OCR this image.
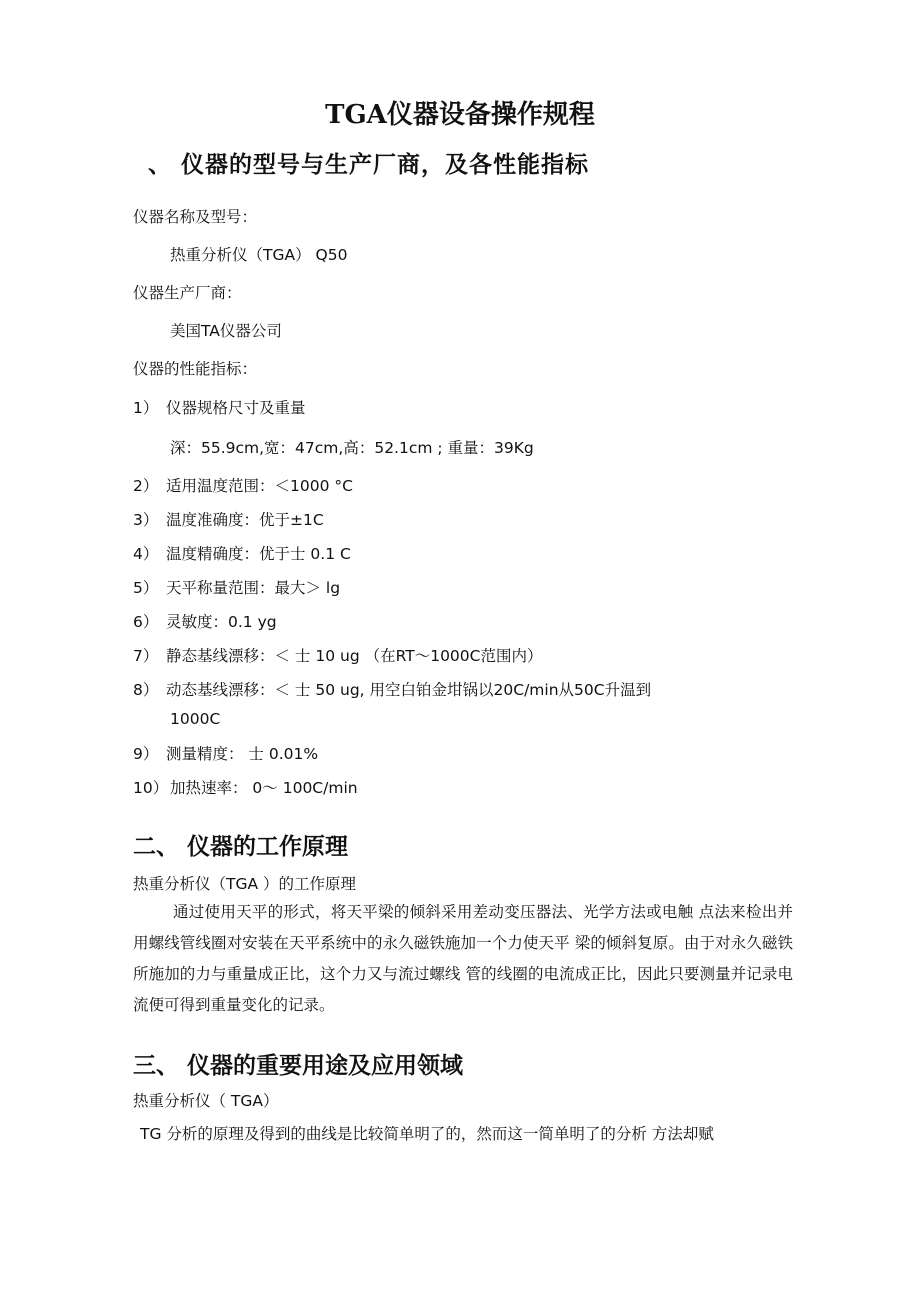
TGA仪器设备操作规程
、 仪器的型号与生产厂商，及各性能指标
仪器名称及型号：
热重分析仪（TGA） Q50
仪器生产厂商：
美国TA仪器公司
仪器的性能指标：
1） 仪器规格尺寸及重量
深：55.9cm,宽：47cm,高：52.1cm ; 重量：39Kg
2） 适用温度范围：＜1000 °C
3） 温度准确度：优于±1C
4） 温度精确度：优于士 0.1 C
5） 天平称量范围：最大＞ lg
6） 灵敏度：0.1 yg
7） 静态基线漂移：＜ 士 10 ug （在RT～1000C范围内）
8） 动态基线漂移：＜ 士 50 ug, 用空白铂金坩锅以20C/min从50C升温到
1000C
9） 测量精度： 士 0.01%
10） 加热速率： 0～ 100C/min
二、 仪器的工作原理
热重分析仪（TGA ）的工作原理

通过使用天平的形式，将天平梁的倾斜采用差动变压器法、光学方法或电触 点法来检出并用螺线管线圈对安装在天平系统中的永久磁铁施加一个力使天平 梁的倾斜复原。由于对永久磁铁所施加的力与重量成正比，这个力又与流过螺线 管的线圈的电流成正比，因此只要测量并记录电流便可得到重量变化的记录。

三、 仪器的重要用途及应用领域
热重分析仪（ TGA）
TG 分析的原理及得到的曲线是比较简单明了的，然而这一简单明了的分析 方法却赋
